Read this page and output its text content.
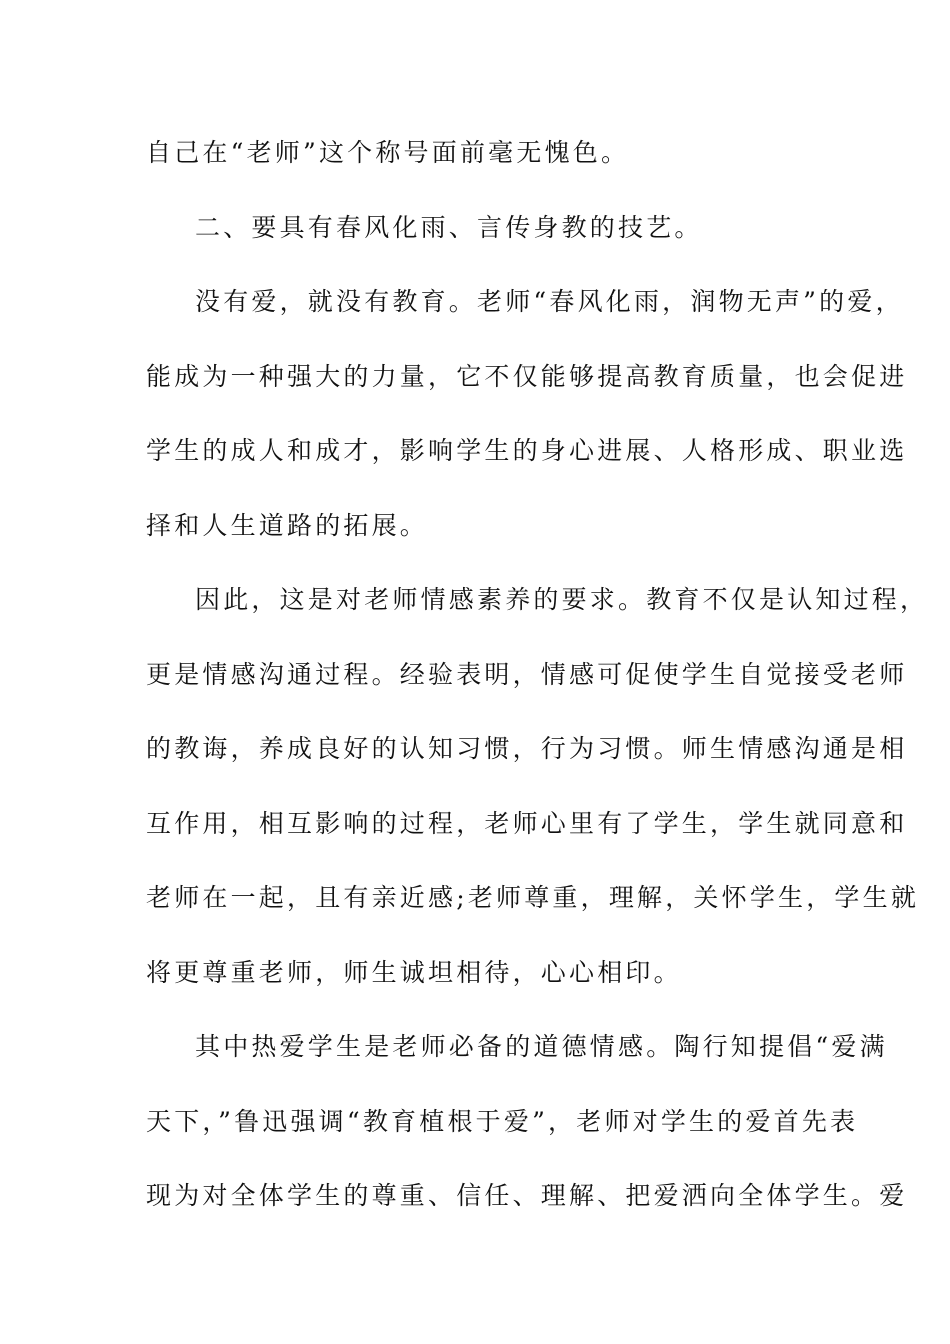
自己在“老师”这个称号面前毫无愧色。
二、要具有春风化雨、言传身教的技艺。
没有爱，就没有教育。老师“春风化雨，润物无声”的爱，
能成为一种强大的力量，它不仅能够提高教育质量，也会促进
学生的成人和成才，影响学生的身心进展、人格形成、职业选
择和人生道路的拓展。
因此，这是对老师情感素养的要求。教育不仅是认知过程，
更是情感沟通过程。经验表明，情感可促使学生自觉接受老师
的教诲，养成良好的认知习惯，行为习惯。师生情感沟通是相
互作用，相互影响的过程，老师心里有了学生，学生就同意和
老师在一起，且有亲近感;老师尊重，理解，关怀学生，学生就
将更尊重老师，师生诚坦相待，心心相印。
其中热爱学生是老师必备的道德情感。陶行知提倡“爱满
天下，”鲁迅强调“教育植根于爱”，老师对学生的爱首先表
现为对全体学生的尊重、信任、理解、把爱洒向全体学生。爱
